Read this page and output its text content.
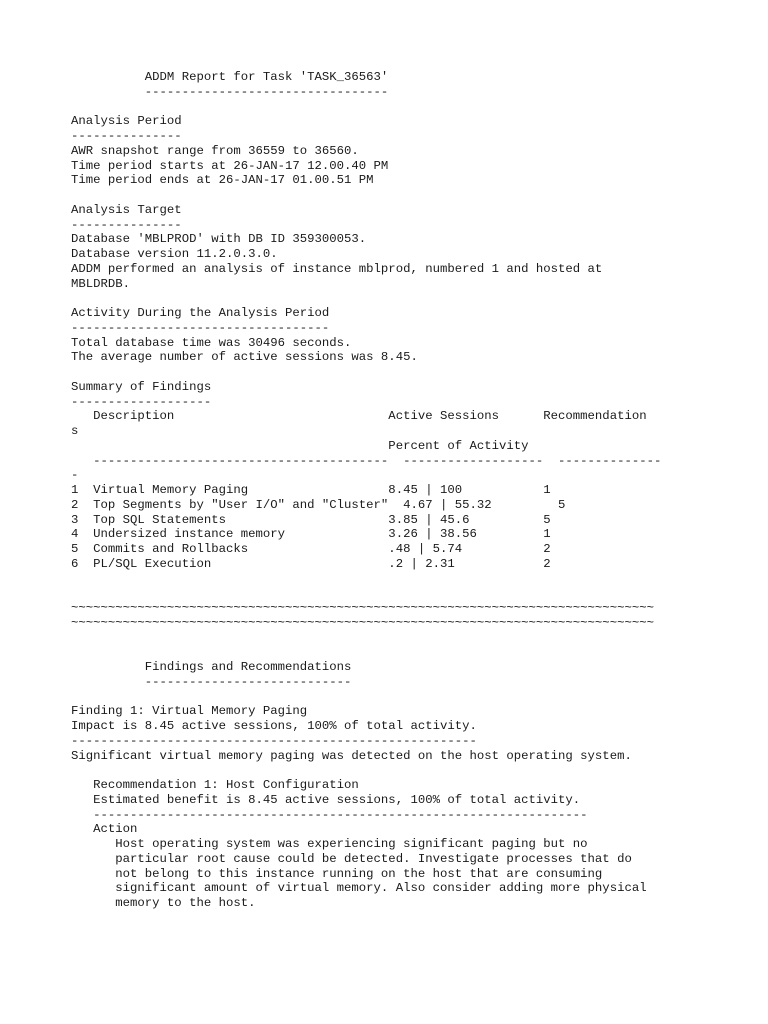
ADDM Report for Task 'TASK_36563'
---------------------------------
Analysis Period
---------------
AWR snapshot range from 36559 to 36560.
Time period starts at 26-JAN-17 12.00.40 PM
Time period ends at 26-JAN-17 01.00.51 PM
Analysis Target
---------------
Database 'MBLPROD' with DB ID 359300053.
Database version 11.2.0.3.0.
ADDM performed an analysis of instance mblprod, numbered 1 and hosted at
MBLDRDB.
Activity During the Analysis Period
-----------------------------------
Total database time was 30496 seconds.
The average number of active sessions was 8.45.
Summary of Findings
-------------------
Description                             Active Sessions      Recommendation
s
Percent of Activity
----------------------------------------  -------------------  --------------
-
1  Virtual Memory Paging                   8.45 | 100           1
2  Top Segments by "User I/O" and "Cluster"  4.67 | 55.32         5
3  Top SQL Statements                      3.85 | 45.6          5
4  Undersized instance memory              3.26 | 38.56         1
5  Commits and Rollbacks                   .48 | 5.74           2
6  PL/SQL Execution                        .2 | 2.31            2
~~~~~~~~~~~~~~~~~~~~~~~~~~~~~~~~~~~~~~~~~~~~~~~~~~~~~~~~~~~~~~~~~~~~~~~~~~~~~~~
~~~~~~~~~~~~~~~~~~~~~~~~~~~~~~~~~~~~~~~~~~~~~~~~~~~~~~~~~~~~~~~~~~~~~~~~~~~~~~~
Findings and Recommendations
----------------------------
Finding 1: Virtual Memory Paging
Impact is 8.45 active sessions, 100% of total activity.
-------------------------------------------------------
Significant virtual memory paging was detected on the host operating system.
Recommendation 1: Host Configuration
Estimated benefit is 8.45 active sessions, 100% of total activity.
-------------------------------------------------------------------
Action
Host operating system was experiencing significant paging but no
particular root cause could be detected. Investigate processes that do
not belong to this instance running on the host that are consuming
significant amount of virtual memory. Also consider adding more physical
memory to the host.
